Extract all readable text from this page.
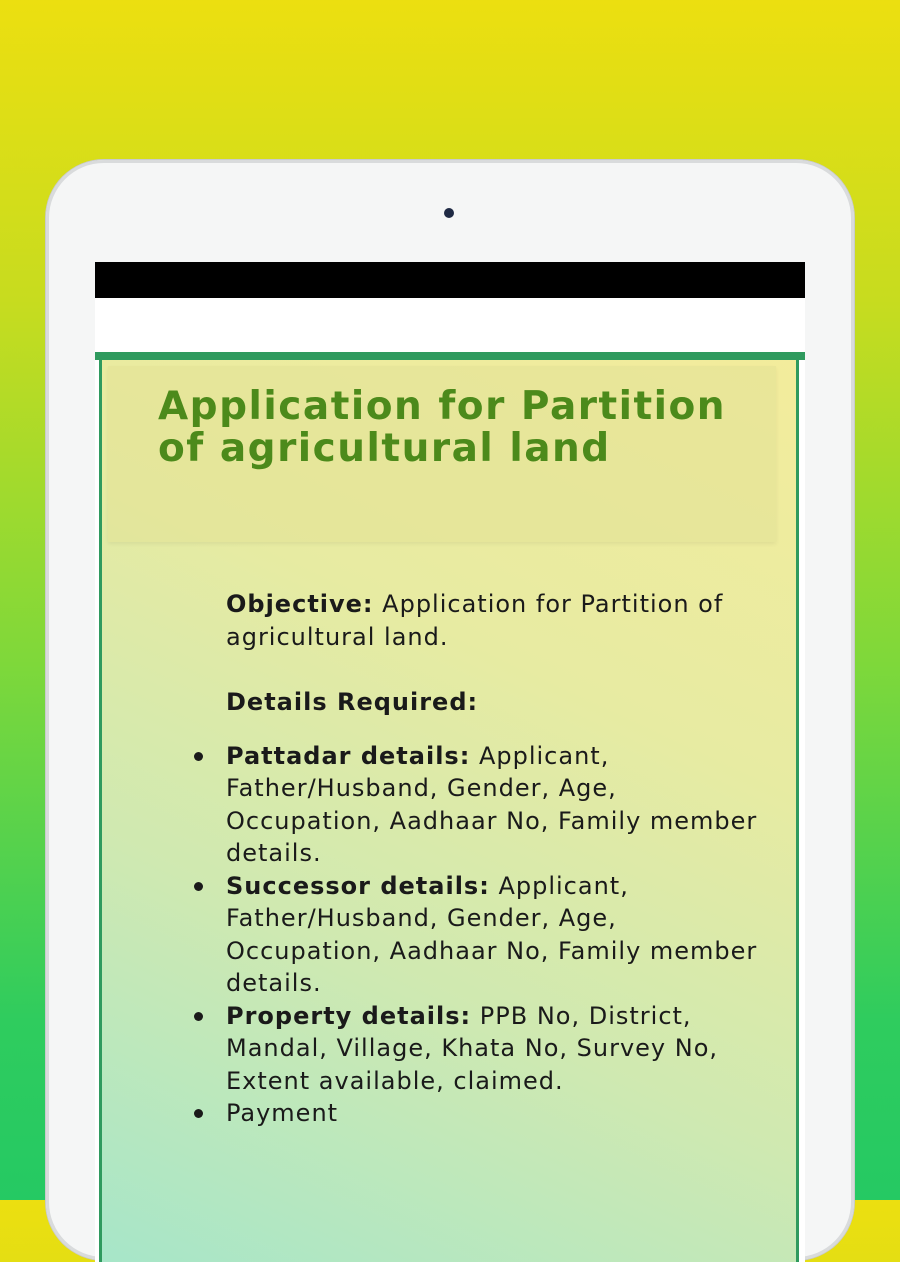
Application for Partition of agricultural land

Objective: Application for Partition of agricultural land.

Details Required:

Pattadar details: Applicant, Father/Husband, Gender, Age, Occupation, Aadhaar No, Family member details.
Successor details: Applicant, Father/Husband, Gender, Age, Occupation, Aadhaar No, Family member details.
Property details: PPB No, District, Mandal, Village, Khata No, Survey No, Extent available, claimed.
Payment
